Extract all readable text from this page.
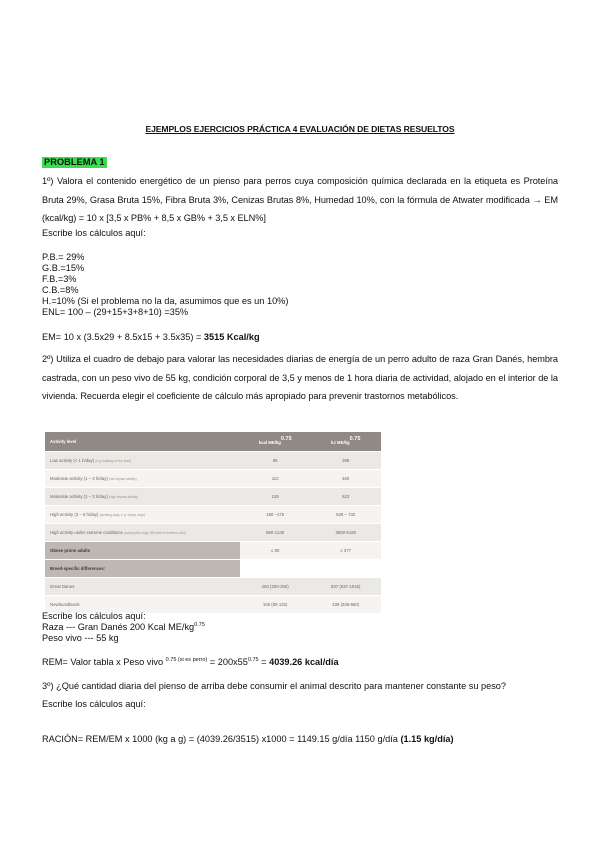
EJEMPLOS EJERCICIOS PRÁCTICA 4 EVALUACIÓN DE DIETAS RESUELTOS
PROBLEMA 1
1º) Valora el contenido energético de un pienso para perros cuya composición química declarada en la etiqueta es Proteína Bruta 29%, Grasa Bruta 15%, Fibra Bruta 3%, Cenizas Brutas 8%, Humedad 10%, con la fórmula de Atwater modificada → EM (kcal/kg) = 10 x [3,5 x PB% + 8,5 x GB% + 3,5 x ELN%]
Escribe los cálculos aquí:
P.B.= 29%
G.B.=15%
F.B.=3%
C.B.=8%
H.=10% (Si el problema no la da, asumimos que es un 10%)
ENL= 100 – (29+15+3+8+10) =35%
EM= 10 x (3.5x29 + 8.5x15 + 3.5x35) = 3515 Kcal/kg
2º) Utiliza el cuadro de debajo para valorar las necesidades diarias de energía de un perro adulto de raza Gran Danés, hembra castrada, con un peso vivo de 55 kg, condición corporal de 3,5 y menos de 1 hora diaria de actividad, alojado en el interior de la vivienda. Recuerda elegir el coeficiente de cálculo más apropiado para prevenir trastornos metabólicos.
Activity level	kcal $ME/kg^{0.75}$	kJ $ME/kg^{0.75}$
Low activity (< 1 h/day) (e.g. walking on the lead)	95	398
Moderate activity (1 – 3 h/day) (low impact activity)	110	460
Moderate activity (1 – 3 h/day) (high impact activity)	125	523
High activity (3 – 6 h/day) (working dogs, e.g. sheep dogs)	150 –175	628 – 732
High activity under extreme conditions (racing sled dogs 168 km/d in extreme cold)	860-1240	3600-5190
Obese prone adults	≤ 90	≤ 377
Breed-specific differences:		
Great Danes	200 (200-250)	837 (837-1046)
Newfoundlands	105 (80-132)	439 (335-550)
Escribe los cálculos aquí:
Raza --- Gran Danés 200 Kcal $ME/kg^{0.75}$
Peso vivo --- 55 kg
REM= Valor tabla x Peso vivo $^{0.75 (si es perro)} = 200x55^{0.75} = 4039.26$ kcal/día
3º) ¿Qué cantidad diaria del pienso de arriba debe consumir el animal descrito para mantener constante su peso?
Escribe los cálculos aquí:
RACIÓN= REM/EM x 1000 (kg a g) = (4039.26/3515) x1000 = 1149.15 g/día 1150 g/día (1.15 kg/día)
